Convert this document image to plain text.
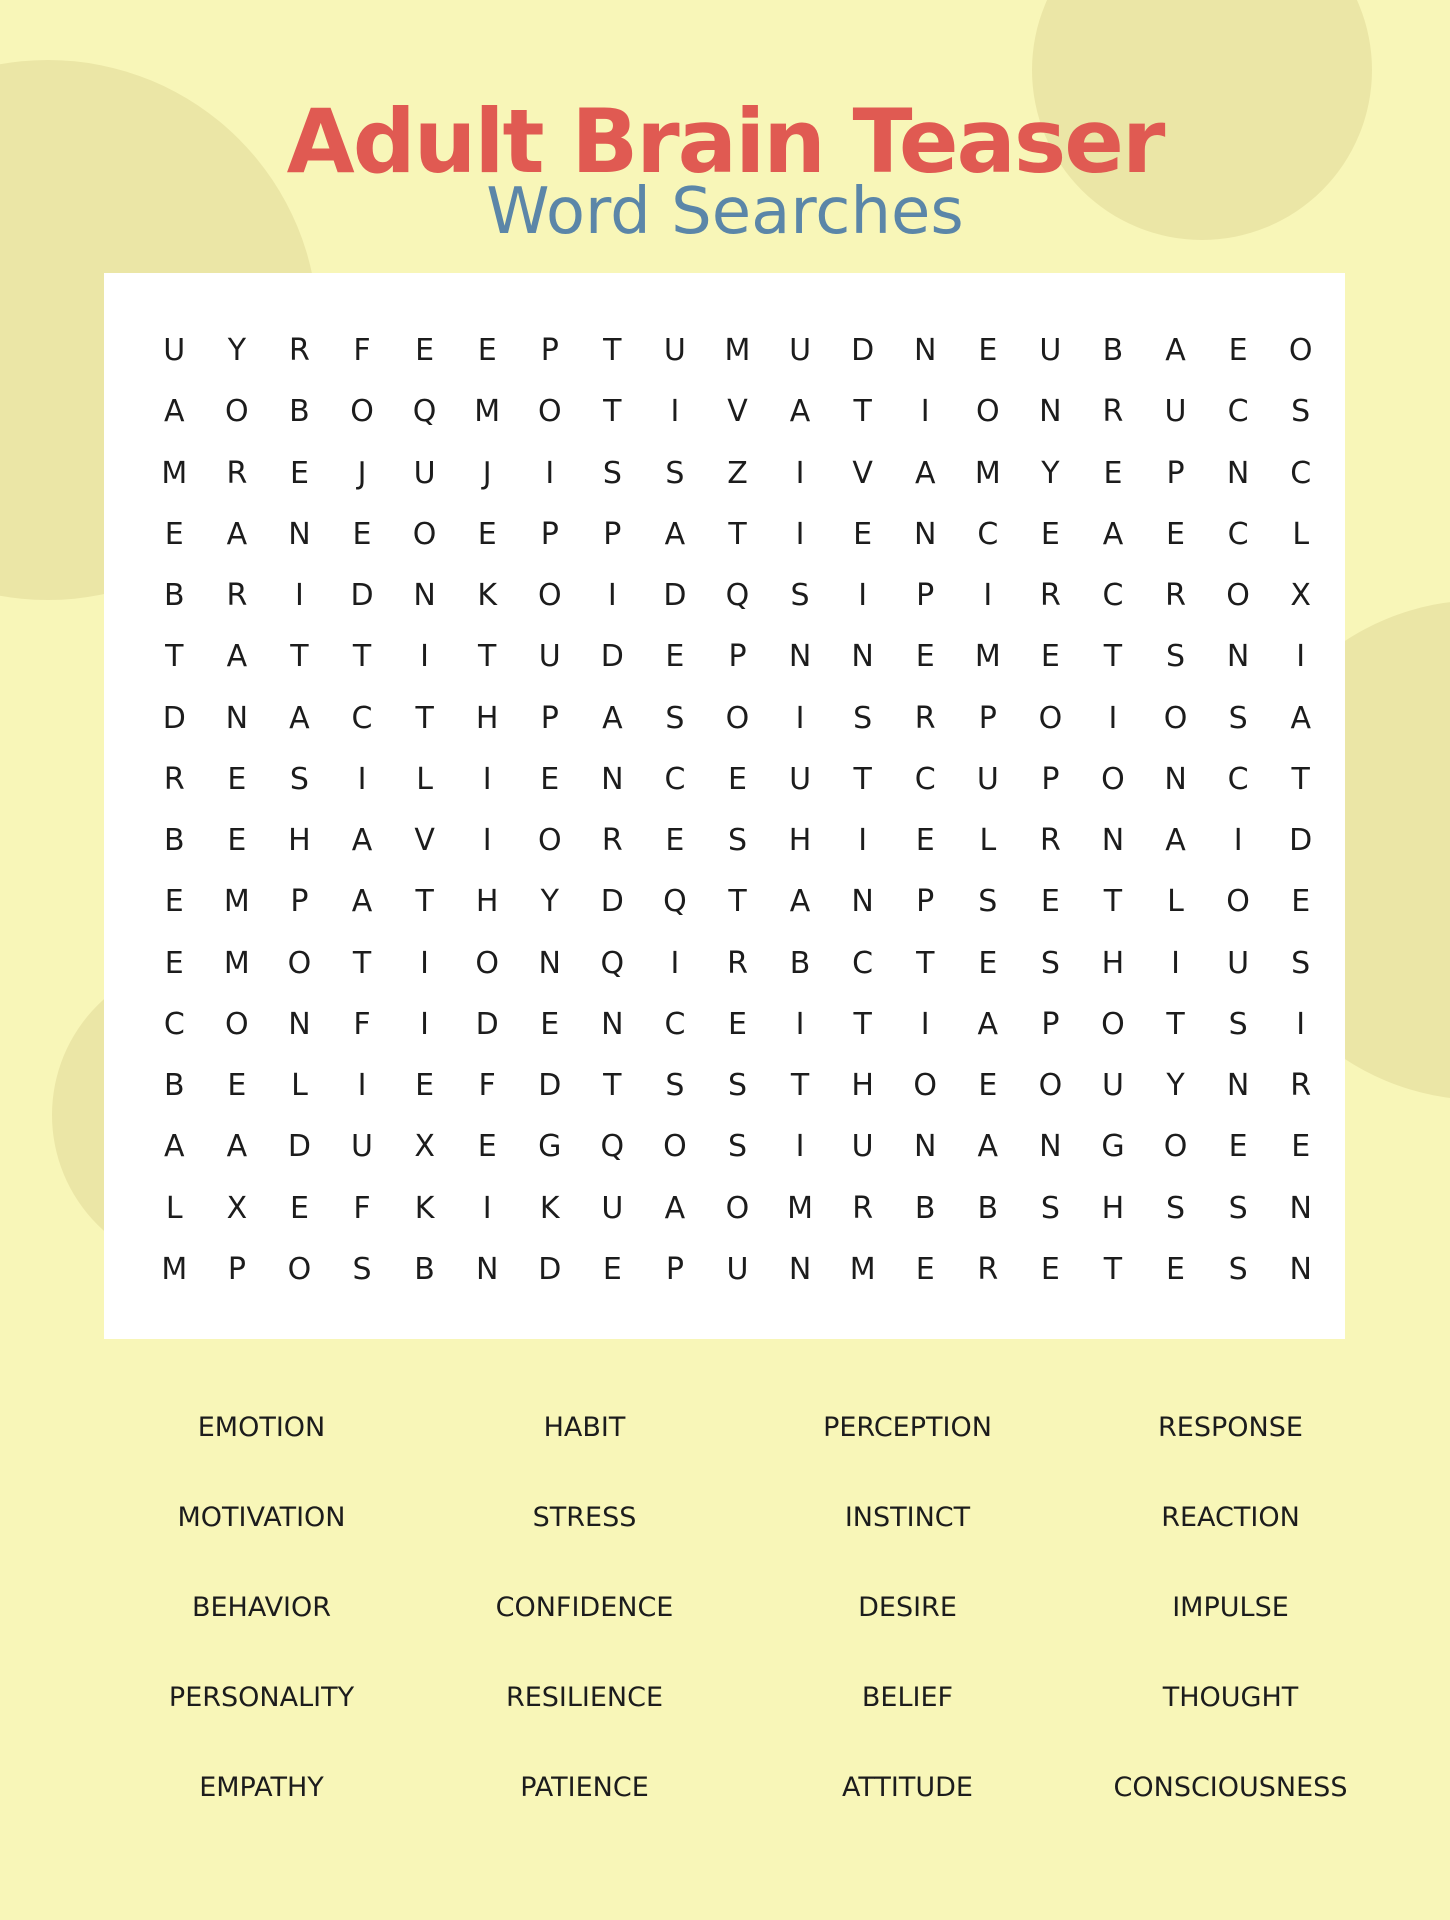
Adult Brain Teaser
Word Searches
U	Y	R	F	E	E	P	T	U	M	U	D	N	E	U	B	A	E	O
A	O	B	O	Q	M	O	T	I	V	A	T	I	O	N	R	U	C	S
M	R	E	J	U	J	I	S	S	Z	I	V	A	M	Y	E	P	N	C
E	A	N	E	O	E	P	P	A	T	I	E	N	C	E	A	E	C	L
B	R	I	D	N	K	O	I	D	Q	S	I	P	I	R	C	R	O	X
T	A	T	T	I	T	U	D	E	P	N	N	E	M	E	T	S	N	I
D	N	A	C	T	H	P	A	S	O	I	S	R	P	O	I	O	S	A
R	E	S	I	L	I	E	N	C	E	U	T	C	U	P	O	N	C	T
B	E	H	A	V	I	O	R	E	S	H	I	E	L	R	N	A	I	D
E	M	P	A	T	H	Y	D	Q	T	A	N	P	S	E	T	L	O	E
E	M	O	T	I	O	N	Q	I	R	B	C	T	E	S	H	I	U	S
C	O	N	F	I	D	E	N	C	E	I	T	I	A	P	O	T	S	I
B	E	L	I	E	F	D	T	S	S	T	H	O	E	O	U	Y	N	R
A	A	D	U	X	E	G	Q	O	S	I	U	N	A	N	G	O	E	E
L	X	E	F	K	I	K	U	A	O	M	R	B	B	S	H	S	S	N
M	P	O	S	B	N	D	E	P	U	N	M	E	R	E	T	E	S	N
EMOTION	HABIT	PERCEPTION	RESPONSE
MOTIVATION	STRESS	INSTINCT	REACTION
BEHAVIOR	CONFIDENCE	DESIRE	IMPULSE
PERSONALITY	RESILIENCE	BELIEF	THOUGHT
EMPATHY	PATIENCE	ATTITUDE	CONSCIOUSNESS
